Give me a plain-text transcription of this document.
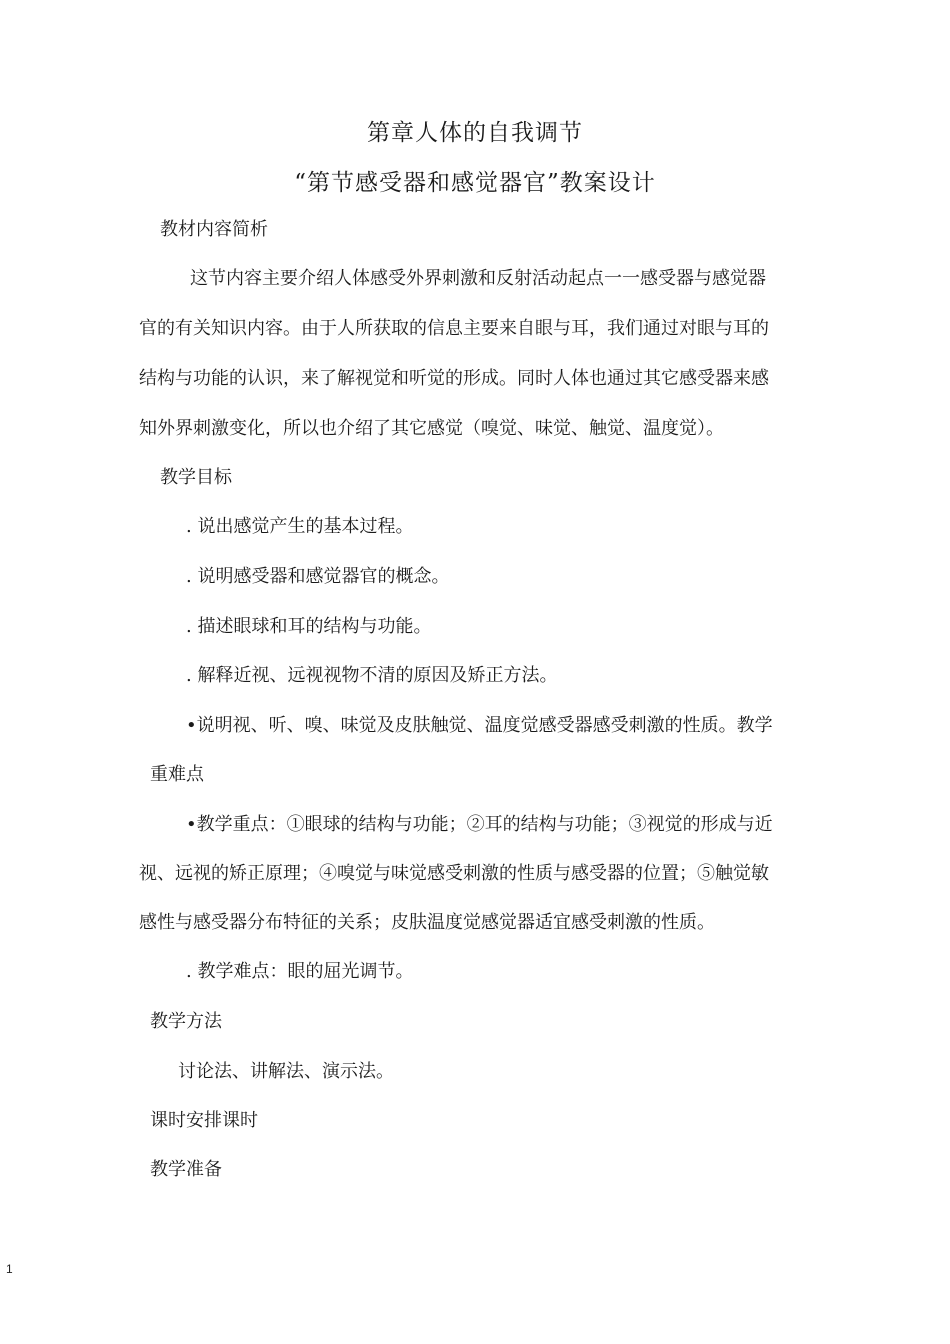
第章人体的自我调节
“第节感受器和感觉器官”教案设计
教材内容简析
这节内容主要介绍人体感受外界刺激和反射活动起点一一感受器与感觉器
官的有关知识内容。由于人所获取的信息主要来自眼与耳，我们通过对眼与耳的
结构与功能的认识，来了解视觉和听觉的形成。同时人体也通过其它感受器来感
知外界刺激变化，所以也介绍了其它感觉（嗅觉、味觉、触觉、温度觉）。
教学目标
. 说出感觉产生的基本过程。
. 说明感受器和感觉器官的概念。
. 描述眼球和耳的结构与功能。
. 解释近视、远视视物不清的原因及矫正方法。
•说明视、听、嗅、味觉及皮肤触觉、温度觉感受器感受刺激的性质。教学
重难点
•教学重点：①眼球的结构与功能；②耳的结构与功能；③视觉的形成与近
视、远视的矫正原理；④嗅觉与味觉感受刺激的性质与感受器的位置；⑤触觉敏
感性与感受器分布特征的关系；皮肤温度觉感觉器适宜感受刺激的性质。
. 教学难点：眼的屈光调节。
教学方法
讨论法、讲解法、演示法。
课时安排课时
教学准备
1
